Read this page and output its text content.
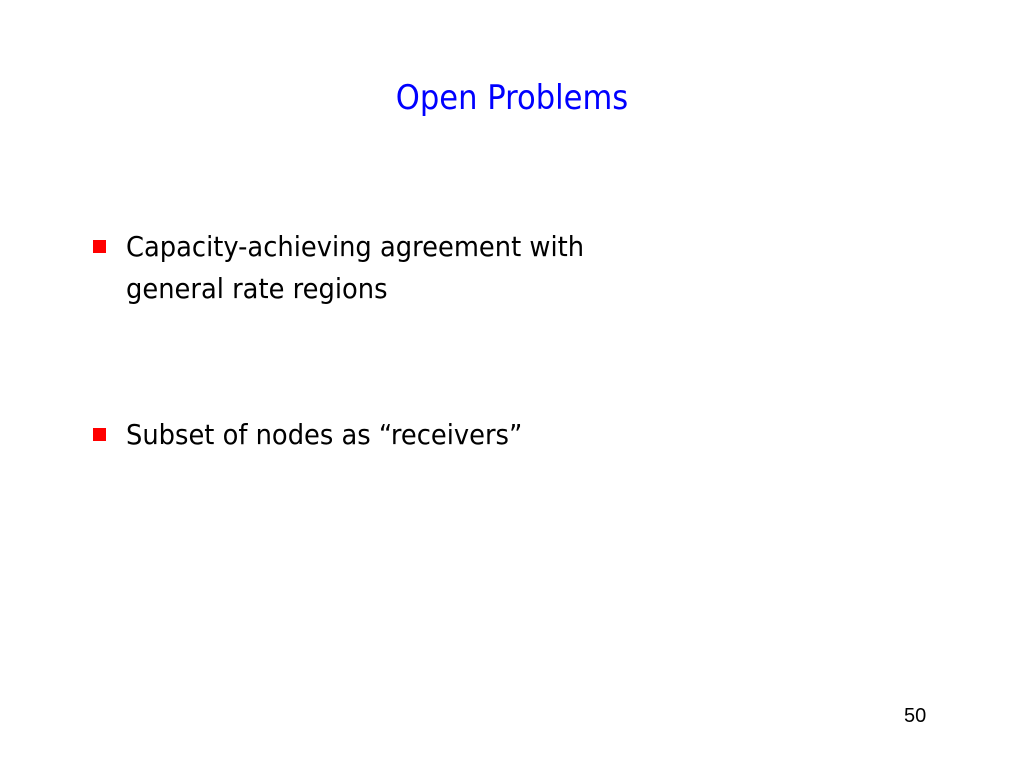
Open Problems
Capacity-achieving agreement with general rate regions
Subset of nodes as “receivers”
50
